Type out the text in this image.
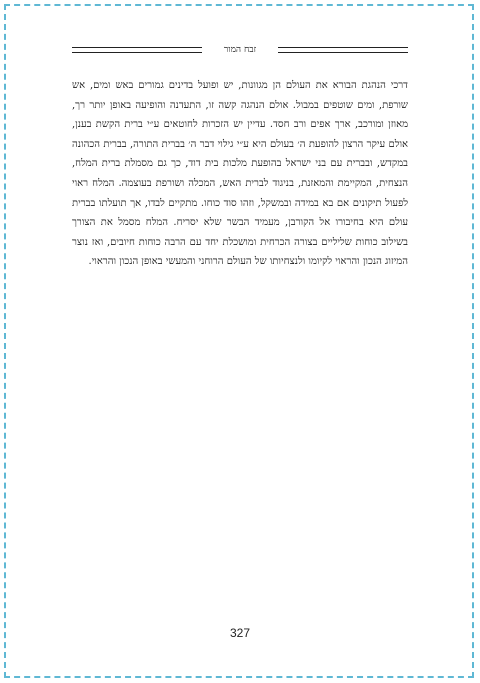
זבח המור

דרכי הנהגת הבורא את העולם הן מגוונות, יש ופועל בדינים גמורים באש ומים, אש שורפת, ומים שוטפים במבול. אולם הנהגה קשה זו, התעדנה והופיעה באופן יותר רך, מאוזן ומורכב, ארך אפים ורב חסד. עדיין יש הזכרות לחוטאים ע״י ברית הקשת בענן, אולם עיקר הרצון להופעת ה׳ בעולם היא ע״י גילוי דבר ה׳ בברית התורה, בברית הכהונה במקדש, ובברית עם בני ישראל בהופעת מלכות בית דוד, כך גם מסמלת ברית המלח, הנצחית, המקיימת והמאזנת, בניגוד לברית האש, המכלה ושורפת בעוצמה. המלח ראוי לפעול תיקונים אם בא במידה ובמשקל, וזהו סוד כוחו. מתקיים לבדו, אך תועלתו בברית עולם היא בחיבורו אל הקורבן, מעמיד הבשר שלא יסריח. המלח מסמל את הצורך בשילוב כוחות שליליים בצורה הכרחית ומושכלת יחד עם הרבה כוחות חיובים, ואז נוצר המיזוג הנכון והראוי לקיומו ולנצחיותו של העולם הרוחני והמעשי באופן הנכון והראוי.

327
